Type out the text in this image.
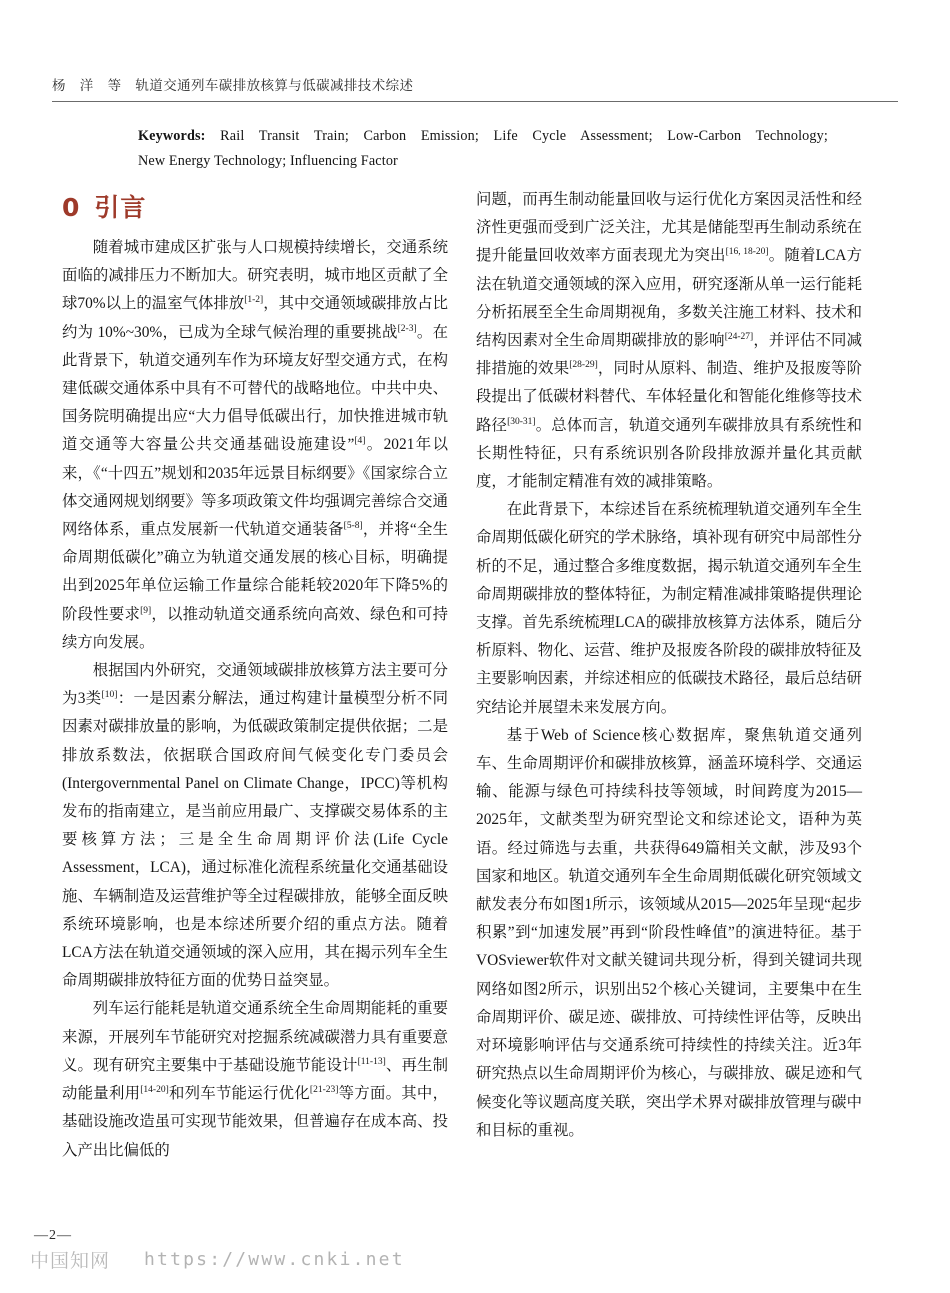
杨　洋　等　轨道交通列车碳排放核算与低碳减排技术综述
Keywords: Rail Transit Train; Carbon Emission; Life Cycle Assessment; Low-Carbon Technology;
New Energy Technology; Influencing Factor
0 引言

随着城市建成区扩张与人口规模持续增长，交通系统面临的减排压力不断加大。研究表明，城市地区贡献了全球70%以上的温室气体排放[1-2]，其中交通领域碳排放占比约为 10%~30%，已成为全球气候治理的重要挑战[2-3]。在此背景下，轨道交通列车作为环境友好型交通方式，在构建低碳交通体系中具有不可替代的战略地位。中共中央、国务院明确提出应“大力倡导低碳出行，加快推进城市轨道交通等大容量公共交通基础设施建设”[4]。2021年以来，《“十四五”规划和2035年远景目标纲要》《国家综合立体交通网规划纲要》等多项政策文件均强调完善综合交通网络体系，重点发展新一代轨道交通装备[5-8]，并将“全生命周期低碳化”确立为轨道交通发展的核心目标，明确提出到2025年单位运输工作量综合能耗较2020年下降5%的阶段性要求[9]，以推动轨道交通系统向高效、绿色和可持续方向发展。

根据国内外研究，交通领域碳排放核算方法主要可分为3类[10]：一是因素分解法，通过构建计量模型分析不同因素对碳排放量的影响，为低碳政策制定提供依据；二是排放系数法，依据联合国政府间气候变化专门委员会(Intergovernmental Panel on Climate Change，IPCC)等机构发布的指南建立，是当前应用最广、支撑碳交易体系的主要核算方法；三是全生命周期评价法(Life Cycle Assessment，LCA)，通过标准化流程系统量化交通基础设施、车辆制造及运营维护等全过程碳排放，能够全面反映系统环境影响，也是本综述所要介绍的重点方法。随着LCA方法在轨道交通领域的深入应用，其在揭示列车全生命周期碳排放特征方面的优势日益突显。

列车运行能耗是轨道交通系统全生命周期能耗的重要来源，开展列车节能研究对挖掘系统减碳潜力具有重要意义。现有研究主要集中于基础设施节能设计[11-13]、再生制动能量利用[14-20]和列车节能运行优化[21-23]等方面。其中，基础设施改造虽可实现节能效果，但普遍存在成本高、投入产出比偏低的

问题，而再生制动能量回收与运行优化方案因灵活性和经济性更强而受到广泛关注，尤其是储能型再生制动系统在提升能量回收效率方面表现尤为突出[16, 18-20]。随着LCA方法在轨道交通领域的深入应用，研究逐渐从单一运行能耗分析拓展至全生命周期视角，多数关注施工材料、技术和结构因素对全生命周期碳排放的影响[24-27]，并评估不同减排措施的效果[28-29]，同时从原料、制造、维护及报废等阶段提出了低碳材料替代、车体轻量化和智能化维修等技术路径[30-31]。总体而言，轨道交通列车碳排放具有系统性和长期性特征，只有系统识别各阶段排放源并量化其贡献度，才能制定精准有效的减排策略。

在此背景下，本综述旨在系统梳理轨道交通列车全生命周期低碳化研究的学术脉络，填补现有研究中局部性分析的不足，通过整合多维度数据，揭示轨道交通列车全生命周期碳排放的整体特征，为制定精准减排策略提供理论支撑。首先系统梳理LCA的碳排放核算方法体系，随后分析原料、物化、运营、维护及报废各阶段的碳排放特征及主要影响因素，并综述相应的低碳技术路径，最后总结研究结论并展望未来发展方向。

基于Web of Science核心数据库，聚焦轨道交通列车、生命周期评价和碳排放核算，涵盖环境科学、交通运输、能源与绿色可持续科技等领域，时间跨度为2015—2025年，文献类型为研究型论文和综述论文，语种为英语。经过筛选与去重，共获得649篇相关文献，涉及93个国家和地区。轨道交通列车全生命周期低碳化研究领域文献发表分布如图1所示，该领域从2015—2025年呈现“起步积累”到“加速发展”再到“阶段性峰值”的演进特征。基于VOSviewer软件对文献关键词共现分析，得到关键词共现网络如图2所示，识别出52个核心关键词，主要集中在生命周期评价、碳足迹、碳排放、可持续性评估等，反映出对环境影响评估与交通系统可持续性的持续关注。近3年研究热点以生命周期评价为核心，与碳排放、碳足迹和气候变化等议题高度关联，突出学术界对碳排放管理与碳中和目标的重视。

—2—
中国知网 https://www.cnki.net
